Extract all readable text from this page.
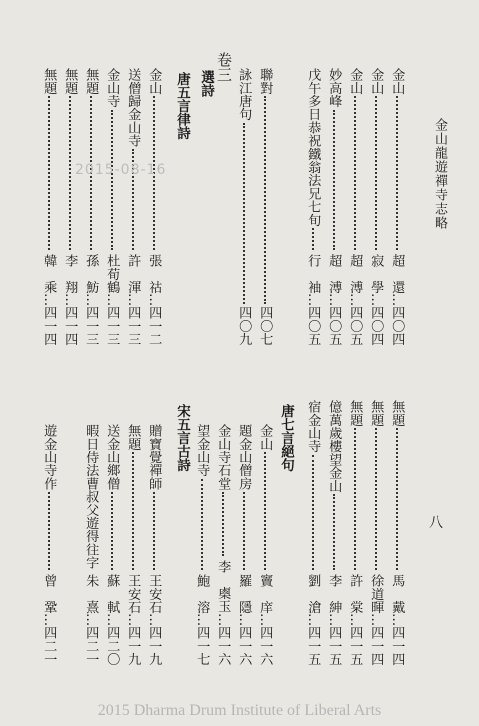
金山龍遊禪寺志略
八
卷三
選詩
唐五言律詩
唐七言絕句
宋五言古詩
金山
超　還
…
四〇四
金山
寂　學
…
四〇四
金山
超　溥
…
四〇五
妙高峰
超　溥
…
四〇五
戊午多日恭祝鐵翁法兄七旬
行　袖
…
四〇五
聯對
四〇七
詠江唐句
四〇九
金山
張　祜
…
四一二
送僧歸金山寺
許　渾
…
四一三
金山寺
杜荀鶴
…
四一三
無題
孫　魴
…
四一三
無題
李　翔
…
四一四
無題
韓　乘
…
四一四
無題
馬　戴
…
四一四
無題
徐道暉
…
四一四
無題
許　棠
…
四一五
億萬歲樓望金山
李　紳
…
四一五
宿金山寺
劉　滄
…
四一五
金山
竇　庠
…
四一六
題金山僧房
羅　隱
…
四一六
金山寺石堂
李　㮚玉
…
四一六
望金山寺
鮑　溶
…
四一七
贈寶覺禪師
王安石
…
四一九
無題
王安石
…
四一九
送金山鄉僧
蘇　軾
…
四二〇
暇日侍法曹叔父遊得往字
朱　熹
…
四二一
遊金山寺作
曾　鞏
…
四二一
2015-08-16
2015 Dharma Drum Institute of Liberal Arts
